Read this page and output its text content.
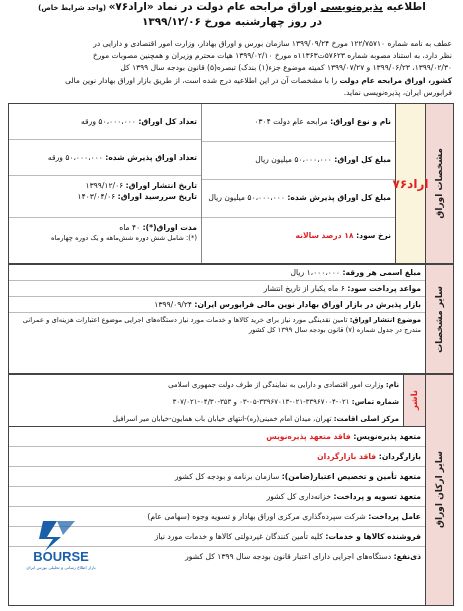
اطلاعیه پذیره‌نویسی اوراق مرابحه عام دولت در نماد «اراد۷۶» (واجد شرایط خاص)
در روز چهارشنبه مورخ ۱۳۹۹/۱۲/۰۶

عطف به نامه شماره ۱۲۲/۷۵۷۱۰ مورخ ۱۳۹۹/۰۹/۲۴ سازمان بورس و اوراق بهادار، وزارت امور اقتصادی و دارایی در

نظر دارد، به استناد مصوبه شماره ۵۷۶۲۳ت۱۱۳۶۳ه مورخ ۱۳۹۹/۰۲/۱۰ هیات محترم وزیران و همچنین مصوبات مورخ

۱۳۹۹/۰۲/۳۰، ۱۳۹۹/۰۶/۲۳ و ۱۳۹۹/۰۷/۲۷ کمیته موضوع جزء(۱) بندک) تبصره(۵) قانون بودجه سال ۱۳۹۹ کل

کشور، اوراق مرابحه عام دولت را با مشخصات آن در این اطلاعیه درج شده است، از طریق بازار اوراق بهادار نوین مالی

فرابورس ایران، پذیره‌نویسی نماید.

مشخصات اوراق
اراد۷۶
نام و نوع اوراق: مرابحه عام دولت ۰۳۰۴
مبلغ کل اوراق: ۵۰،۰۰۰،۰۰۰ میلیون ریال
مبلغ کل اوراق پذیرش شده: ۵۰،۰۰۰،۰۰۰ میلیون ریال
نرخ سود: ۱۸ درصد سالانه
تعداد کل اوراق: ۵۰،۰۰۰،۰۰۰ ورقه
تعداد اوراق پذیرش شده: ۵۰،۰۰۰،۰۰۰ ورقه
تاریخ انتشار اوراق: ۱۳۹۹/۱۲/۰۶
تاریخ سررسید اوراق: ۱۴۰۳/۰۴/۰۶
مدت اوراق(*): ۴۰ ماه
(*): شامل شش دوره شش‌ماهه و یک دوره چهارماه
سایر مشخصات
مبلغ اسمی هر ورقه: ۱،۰۰۰،۰۰۰ ریال
مواعد پرداخت سود: ۶ ماه یکبار از تاریخ انتشار
بازار پذیرش در بازار اوراق بهادار نوین مالی فرابورس ایران: ۱۳۹۹/۰۹/۲۴
موضوع انتشار اوراق: تامین نقدینگی مورد نیاز برای خرید کالاها و خدمات مورد نیاز دستگاه‌های اجرایی موضوع اعتبارات هزینه‌ای و عمرانی مندرج در جدول شماره (۷) قانون بودجه سال ۱۳۹۹ کل کشور
سایر ارکان اوراق
ناشر
نام: وزارت امور اقتصادی و دارایی به نمایندگی از طرف دولت جمهوری اسلامی
شماره تماس: ۰۲۱-۳۳۹۶۷۰۰۴-۰۲۱-۳۳۹۶۷۰۱۳-۰۵-۰۳ و ۳۵۳-۰۴/۳۰-۳۰۷/۰۲۱
مرکز اصلی اقامت: تهران، میدان امام خمینی(ره)-انتهای خیابان باب همایون-خیابان میر اسرافیل
متعهد پذیره‌نویس: فاقد متعهد پذیره‌نویس
بازارگردان: فاقد بازارگردان
متعهد تأمین و تخصیص اعتبار(ضامن): سازمان برنامه و بودجه کل کشور
متعهد تسویه و پرداخت: خزانه‌داری کل کشور
عامل پرداخت: شرکت سپرده‌گذاری مرکزی اوراق بهادار و تسویه وجوه (سهامی عام)
فروشنده کالاها و خدمات: کلیه تأمین کنندگان غیردولتی کالاها و خدمات مورد نیاز
ذی‌نفع: دستگاه‌های اجرایی دارای اعتبار قانون بودجه سال ۱۳۹۹ کل کشور
BOURSE
بازار اطلاع رسانی و تحلیلی بورس ایران
